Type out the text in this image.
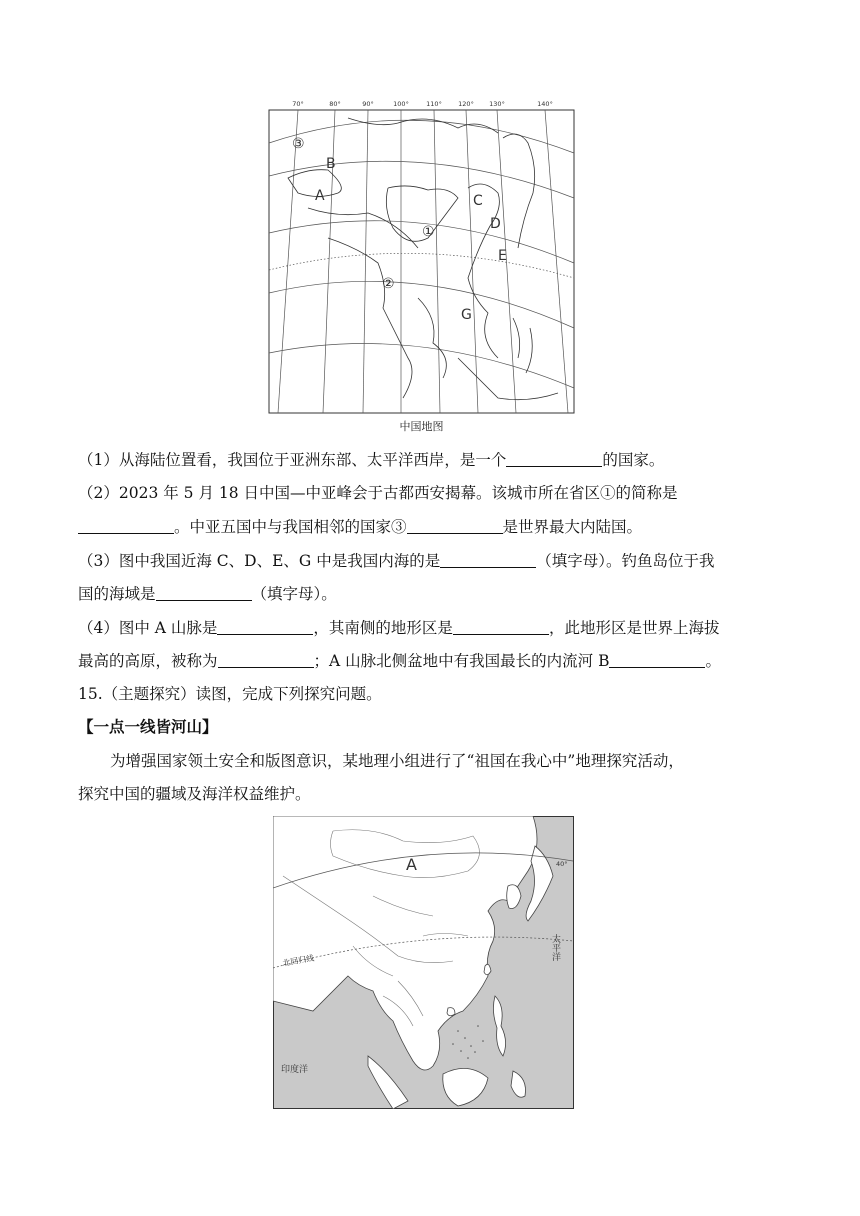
70°	80°	90°	100°	110°	120° 130°	140°
③
B
A	C
D
①
E
②
G
中国地图
（1）从海陆位置看，我国位于亚洲东部、太平洋西岸，是一个	的国家。
（2）2023 年 5 月 18 日中国—中亚峰会于古都西安揭幕。该城市所在省区①的简称是
。中亚五国中与我国相邻的国家③	是世界最大内陆国。
（3）图中我国近海 C、D、E、G 中是我国内海的是	（填字母）。钓鱼岛位于我
国的海域是	（填字母）。
（4）图中 A 山脉是	，其南侧的地形区是	，此地形区是世界上海拔
最高的高原，被称为	；A 山脉北侧盆地中有我国最长的内流河 B	。
15.（主题探究）读图，完成下列探究问题。
【一点一线皆河山】
为增强国家领土安全和版图意识，某地理小组进行了“祖国在我心中”地理探究活动，
探究中国的疆域及海洋权益维护。
A	40°
北回归线	太平洋
印度洋
